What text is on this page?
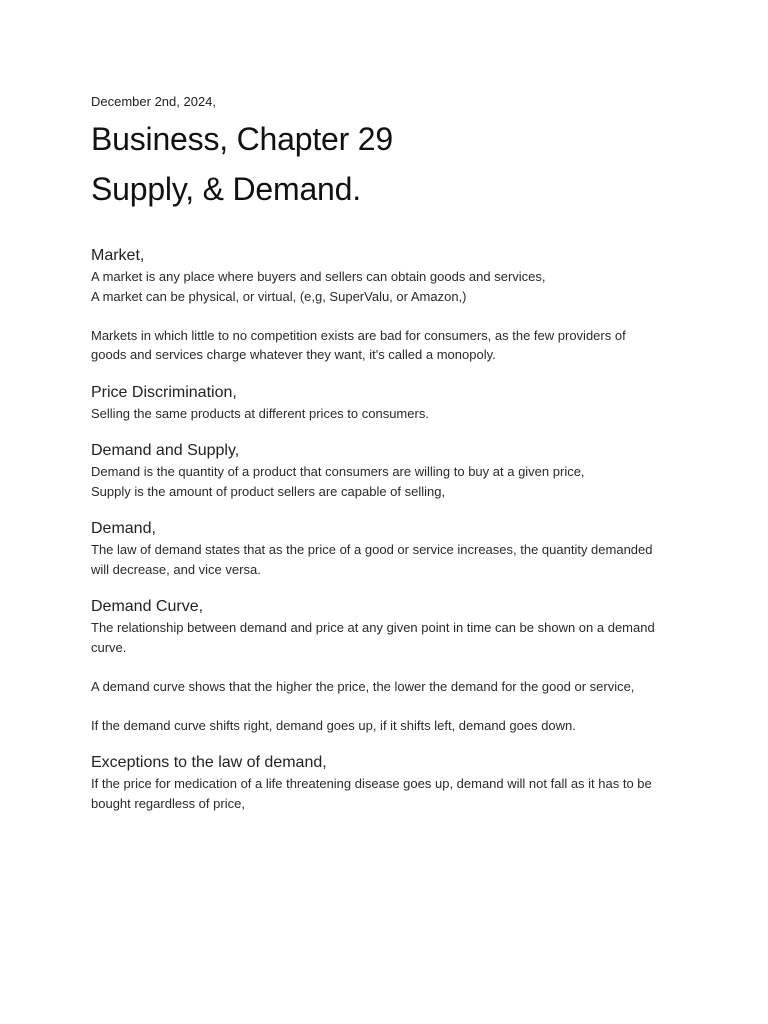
December 2nd, 2024,
Business, Chapter 29
Supply, & Demand.
Market,

A market is any place where buyers and sellers can obtain goods and services,
A market can be physical, or virtual, (e,g, SuperValu, or Amazon,)

Markets in which little to no competition exists are bad for consumers, as the few providers of
goods and services charge whatever they want, it's called a monopoly.

Price Discrimination,

Selling the same products at different prices to consumers.

Demand and Supply,

Demand is the quantity of a product that consumers are willing to buy at a given price,
Supply is the amount of product sellers are capable of selling,

Demand,

The law of demand states that as the price of a good or service increases, the quantity demanded
will decrease, and vice versa.

Demand Curve,

The relationship between demand and price at any given point in time can be shown on a demand
curve.

A demand curve shows that the higher the price, the lower the demand for the good or service,

If the demand curve shifts right, demand goes up, if it shifts left, demand goes down.

Exceptions to the law of demand,

If the price for medication of a life threatening disease goes up, demand will not fall as it has to be
bought regardless of price,
